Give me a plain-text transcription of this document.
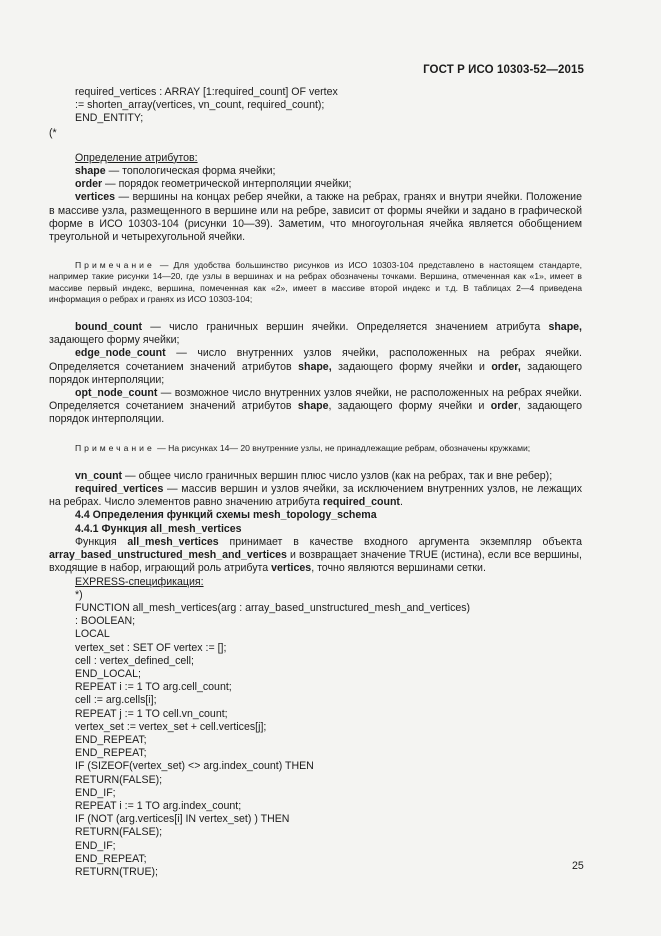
ГОСТ Р ИСО 10303-52—2015
required_vertices : ARRAY [1:required_count] OF vertex
:= shorten_array(vertices, vn_count, required_count);
END_ENTITY;
(*
Определение атрибутов:
shape — топологическая форма ячейки;
order — порядок геометрической интерполяции ячейки;

vertices — вершины на концах ребер ячейки, а также на ребрах, гранях и внутри ячейки. Положение в массиве узла, размещенного в вершине или на ребре, зависит от формы ячейки и задано в графической форме в ИСО 10303-104 (рисунки 10—39). Заметим, что многоугольная ячейка является обобщением треугольной и четырехугольной ячейки.

Примечание — Для удобства большинство рисунков из ИСО 10303-104 представлено в настоящем стандарте, например такие рисунки 14—20, где узлы в вершинах и на ребрах обозначены точками. Вершина, отмеченная как «1», имеет в массиве первый индекс, вершина, помеченная как «2», имеет в массиве второй индекс и т.д. В таблицах 2—4 приведена информация о ребрах и гранях из ИСО 10303-104;

bound_count — число граничных вершин ячейки. Определяется значением атрибута shape, задающего форму ячейки;

edge_node_count — число внутренних узлов ячейки, расположенных на ребрах ячейки. Определяется сочетанием значений атрибутов shape, задающего форму ячейки и order, задающего порядок интерполяции;

opt_node_count — возможное число внутренних узлов ячейки, не расположенных на ребрах ячейки. Определяется сочетанием значений атрибутов shape, задающего форму ячейки и order, задающего порядок интерполяции.

Примечание — На рисунках 14— 20 внутренние узлы, не принадлежащие ребрам, обозначены кружками;

vn_count — общее число граничных вершин плюс число узлов (как на ребрах, так и вне ребер);

required_vertices — массив вершин и узлов ячейки, за исключением внутренних узлов, не лежащих на ребрах. Число элементов равно значению атрибута required_count.

4.4 Определения функций схемы mesh_topology_schema
4.4.1 Функция all_mesh_vertices

Функция all_mesh_vertices принимает в качестве входного аргумента экземпляр объекта array_based_unstructured_mesh_and_vertices и возвращает значение TRUE (истина), если все вершины, входящие в набор, играющий роль атрибута vertices, точно являются вершинами сетки.

EXPRESS-спецификация:
*)
FUNCTION all_mesh_vertices(arg : array_based_unstructured_mesh_and_vertices)
: BOOLEAN;
LOCAL
vertex_set : SET OF vertex := [];
cell : vertex_defined_cell;
END_LOCAL;
REPEAT i := 1 TO arg.cell_count;
cell := arg.cells[i];
REPEAT j := 1 TO cell.vn_count;
vertex_set := vertex_set + cell.vertices[j];
END_REPEAT;
END_REPEAT;
IF (SIZEOF(vertex_set) <> arg.index_count) THEN
RETURN(FALSE);
END_IF;
REPEAT i := 1 TO arg.index_count;
IF (NOT (arg.vertices[i] IN vertex_set) ) THEN
RETURN(FALSE);
END_IF;
END_REPEAT;
RETURN(TRUE);	25
